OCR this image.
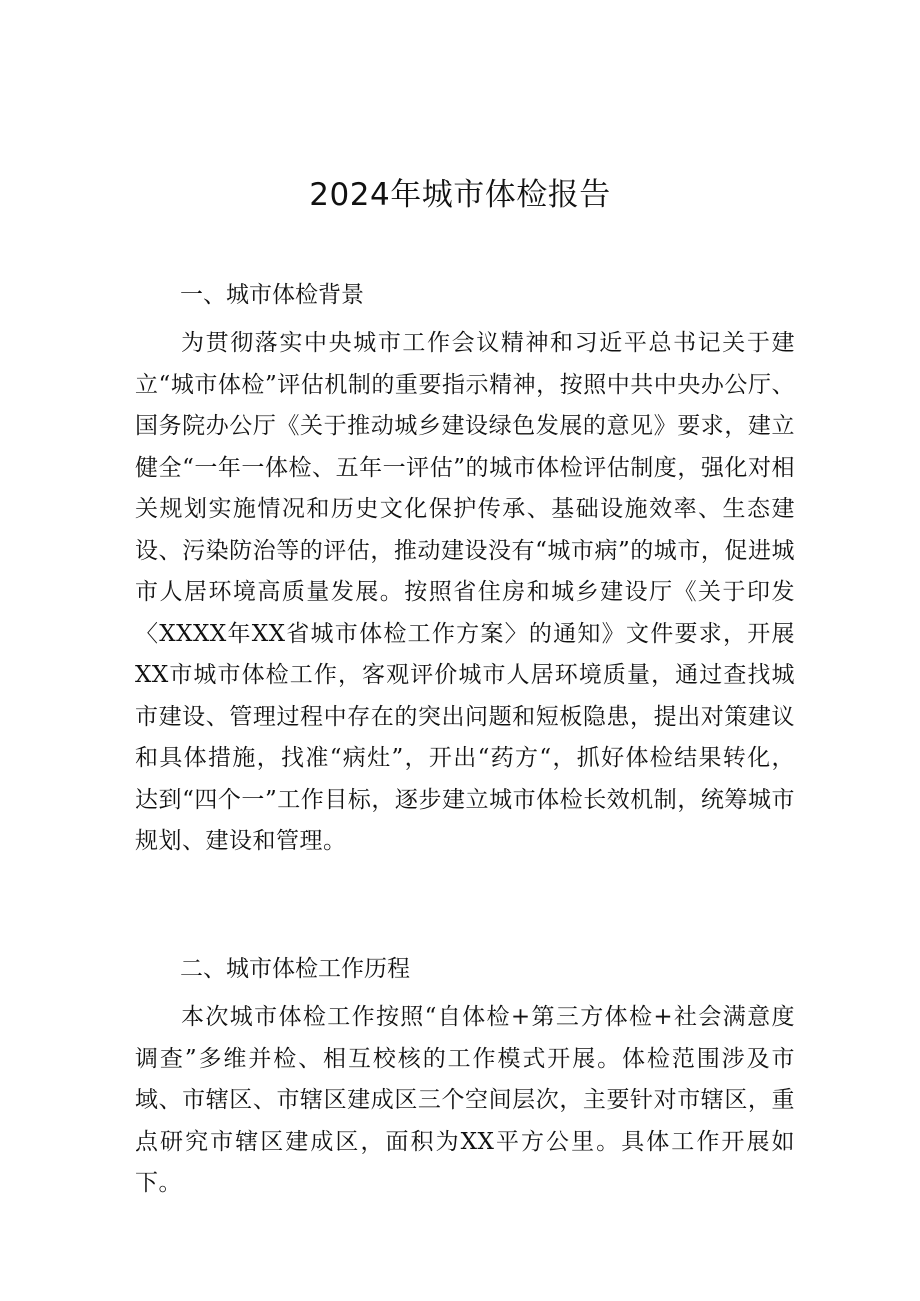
2024年城市体检报告
一、城市体检背景

为贯彻落实中央城市工作会议精神和习近平总书记关于建立“城市体检”评估机制的重要指示精神，按照中共中央办公厅、国务院办公厅《关于推动城乡建设绿色发展的意见》要求，建立健全“一年一体检、五年一评估”的城市体检评估制度，强化对相关规划实施情况和历史文化保护传承、基础设施效率、生态建设、污染防治等的评估，推动建设没有“城市病”的城市，促进城市人居环境高质量发展。按照省住房和城乡建设厅《关于印发〈XXXX年XX省城市体检工作方案〉的通知》文件要求，开展XX市城市体检工作，客观评价城市人居环境质量，通过查找城市建设、管理过程中存在的突出问题和短板隐患，提出对策建议和具体措施，找准“病灶”，开出“药方“，抓好体检结果转化，达到“四个一”工作目标，逐步建立城市体检长效机制，统筹城市规划、建设和管理。

二、城市体检工作历程

本次城市体检工作按照“自体检+第三方体检+社会满意度调查”多维并检、相互校核的工作模式开展。体检范围涉及市域、市辖区、市辖区建成区三个空间层次，主要针对市辖区，重点研究市辖区建成区，面积为XX平方公里。具体工作开展如下。
